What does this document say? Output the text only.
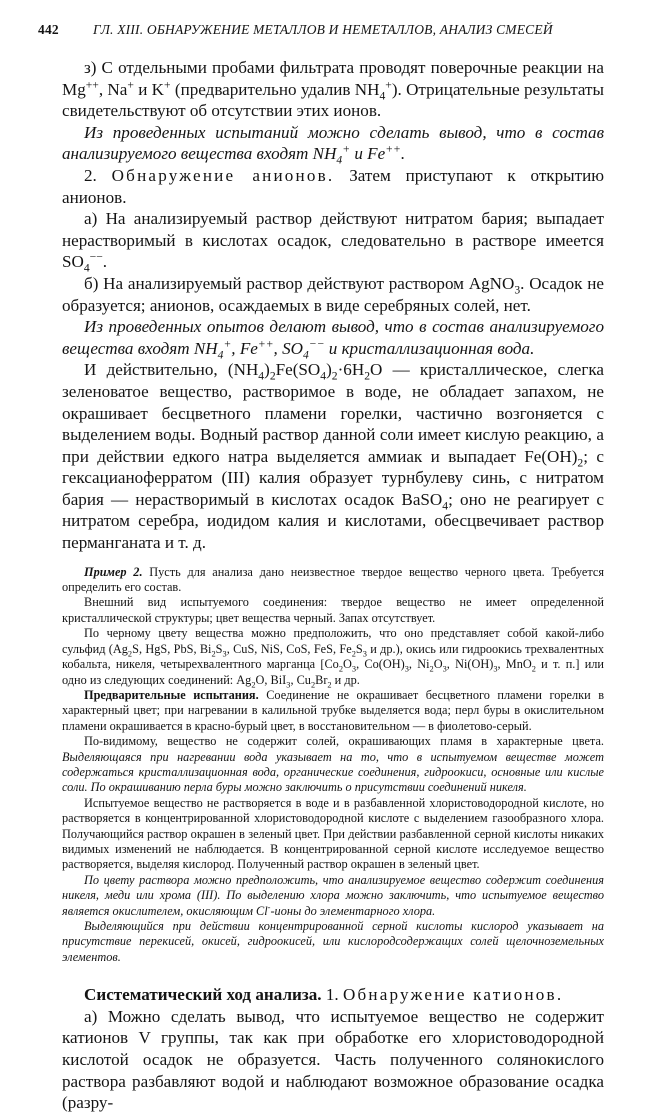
442	ГЛ. XIII. ОБНАРУЖЕНИЕ МЕТАЛЛОВ И НЕМЕТАЛЛОВ, АНАЛИЗ СМЕСЕЙ

з) С отдельными пробами фильтрата проводят поверочные реакции на Mg++, Na+ и K+ (предварительно удалив $NH_4^+$). Отрицательные результаты свидетельствуют об отсутствии этих ионов.

Из проведенных испытаний можно сделать вывод, что в состав анализируемого вещества входят $NH_4^+$ и Fe++.

2. Обнаружение анионов. Затем приступают к открытию анионов.

а) На анализируемый раствор действуют нитратом бария; выпадает нерастворимый в кислотах осадок, следовательно в растворе имеется $SO_4^{--}$.

б) На анализируемый раствор действуют раствором AgNO$_3$. Осадок не образуется; анионов, осаждаемых в виде серебряных солей, нет.

Из проведенных опытов делают вывод, что в состав анализируемого вещества входят $NH_4^+$, Fe++, $SO_4^{--}$ и кристаллизационная вода.

И действительно, $(NH_4)_2Fe(SO_4)_2\cdot 6H_2O$ — кристаллическое, слегка зеленоватое вещество, растворимое в воде, не обладает запахом, не окрашивает бесцветного пламени горелки, частично возгоняется с выделением воды. Водный раствор данной соли имеет кислую реакцию, а при действии едкого натра выделяется аммиак и выпадает $Fe(OH)_2$; с гексацианоферратом (III) калия образует турнбулеву синь, с нитратом бария — нерастворимый в кислотах осадок BaSO$_4$; оно не реагирует с нитратом серебра, иодидом калия и кислотами, обесцвечивает раствор перманганата и т. д.

Пример 2. Пусть для анализа дано неизвестное твердое вещество черного цвета. Требуется определить его состав.

Внешний вид испытуемого соединения: твердое вещество не имеет определенной кристаллической структуры; цвет вещества черный. Запах отсутствует.

По черному цвету вещества можно предположить, что оно представляет собой какой-либо сульфид ($Ag_2S$, HgS, PbS, $Bi_2S_3$, CuS, NiS, CoS, FeS, $Fe_2S_3$ и др.), окись или гидроокись трехвалентных кобальта, никеля, четырехвалентного марганца [$Co_2O_3$, $Co(OH)_3$, $Ni_2O_3$, $Ni(OH)_3$, MnO$_2$ и т. п.] или одно из следующих соединений: $Ag_2O$, BiI$_3$, $Cu_2Br_2$ и др.

Предварительные испытания. Соединение не окрашивает бесцветного пламени горелки в характерный цвет; при нагревании в калильной трубке выделяется вода; перл буры в окислительном пламени окрашивается в красно-бурый цвет, в восстановительном — в фиолетово-серый.

По-видимому, вещество не содержит солей, окрашивающих пламя в характерные цвета. Выделяющаяся при нагревании вода указывает на то, что в испытуемом веществе может содержаться кристаллизационная вода, органические соединения, гидроокиси, основные или кислые соли. По окрашиванию перла буры можно заключить о присутствии соединений никеля.

Испытуемое вещество не растворяется в воде и в разбавленной хлористоводородной кислоте, но растворяется в концентрированной хлористоводородной кислоте с выделением газообразного хлора. Получающийся раствор окрашен в зеленый цвет. При действии разбавленной серной кислоты никаких видимых изменений не наблюдается. В концентрированной серной кислоте исследуемое вещество растворяется, выделяя кислород. Полученный раствор окрашен в зеленый цвет.

По цвету раствора можно предположить, что анализируемое вещество содержит соединения никеля, меди или хрома (III). По выделению хлора можно заключить, что испытуемое вещество является окислителем, окисляющим Cl--ионы до элементарного хлора.

Выделяющийся при действии концентрированной серной кислоты кислород указывает на присутствие перекисей, окисей, гидроокисей, или кислородсодержащих солей щелочноземельных элементов.

Систематический ход анализа. 1. Обнаружение катионов.

а) Можно сделать вывод, что испытуемое вещество не содержит катионов V группы, так как при обработке его хлористоводородной кислотой осадок не образуется. Часть полученного солянокислого раствора разбавляют водой и наблюдают возможное образование осадка (разру-
